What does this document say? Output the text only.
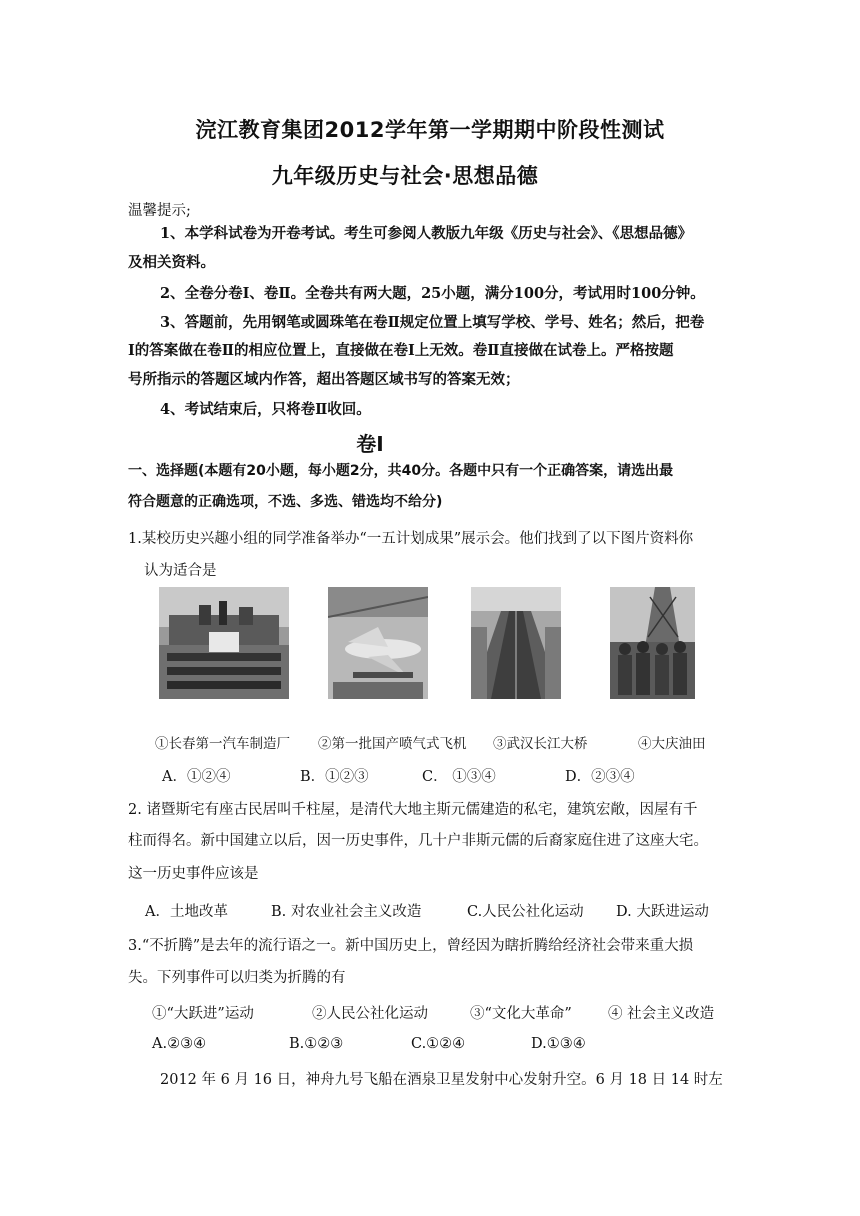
浣江教育集团2012学年第一学期期中阶段性测试
九年级历史与社会·思想品德
温馨提示;
1、本学科试卷为开卷考试。考生可参阅人教版九年级《历史与社会》、《思想品德》
及相关资料。
2、全卷分卷Ⅰ、卷Ⅱ。全卷共有两大题，25小题，满分100分，考试用时100分钟。
3、答题前，先用钢笔或圆珠笔在卷Ⅱ规定位置上填写学校、学号、姓名；然后，把卷
Ⅰ的答案做在卷Ⅱ的相应位置上，直接做在卷Ⅰ上无效。卷Ⅱ直接做在试卷上。严格按题
号所指示的答题区域内作答，超出答题区域书写的答案无效；
4、考试结束后，只将卷Ⅱ收回。
卷Ⅰ
一、选择题(本题有20小题，每小题2分，共40分。各题中只有一个正确答案，请选出最
符合题意的正确选项，不选、多选、错选均不给分)
1.某校历史兴趣小组的同学准备举办“一五计划成果”展示会。他们找到了以下图片资料你
认为适合是
①长春第一汽车制造厂 ②第一批国产喷气式飞机 ③武汉长江大桥	④大庆油田
A．①②④	B．①②③	C． ①③④	D．②③④
2. 诸暨斯宅有座古民居叫千柱屋，是清代大地主斯元儒建造的私宅，建筑宏敞，因屋有千
柱而得名。新中国建立以后，因一历史事件，几十户非斯元儒的后裔家庭住进了这座大宅。
这一历史事件应该是
A．土地改革	B. 对农业社会主义改造	C.人民公社化运动 D. 大跃进运动
3.“不折腾”是去年的流行语之一。新中国历史上，曾经因为瞎折腾给经济社会带来重大损
失。下列事件可以归类为折腾的有
①“大跃进”运动	②人民公社化运动	③“文化大革命” ④ 社会主义改造
A.②③④	B.①②③	C.①②④	D.①③④
2012 年 6 月 16 日，神舟九号飞船在酒泉卫星发射中心发射升空。6 月 18 日 14 时左
